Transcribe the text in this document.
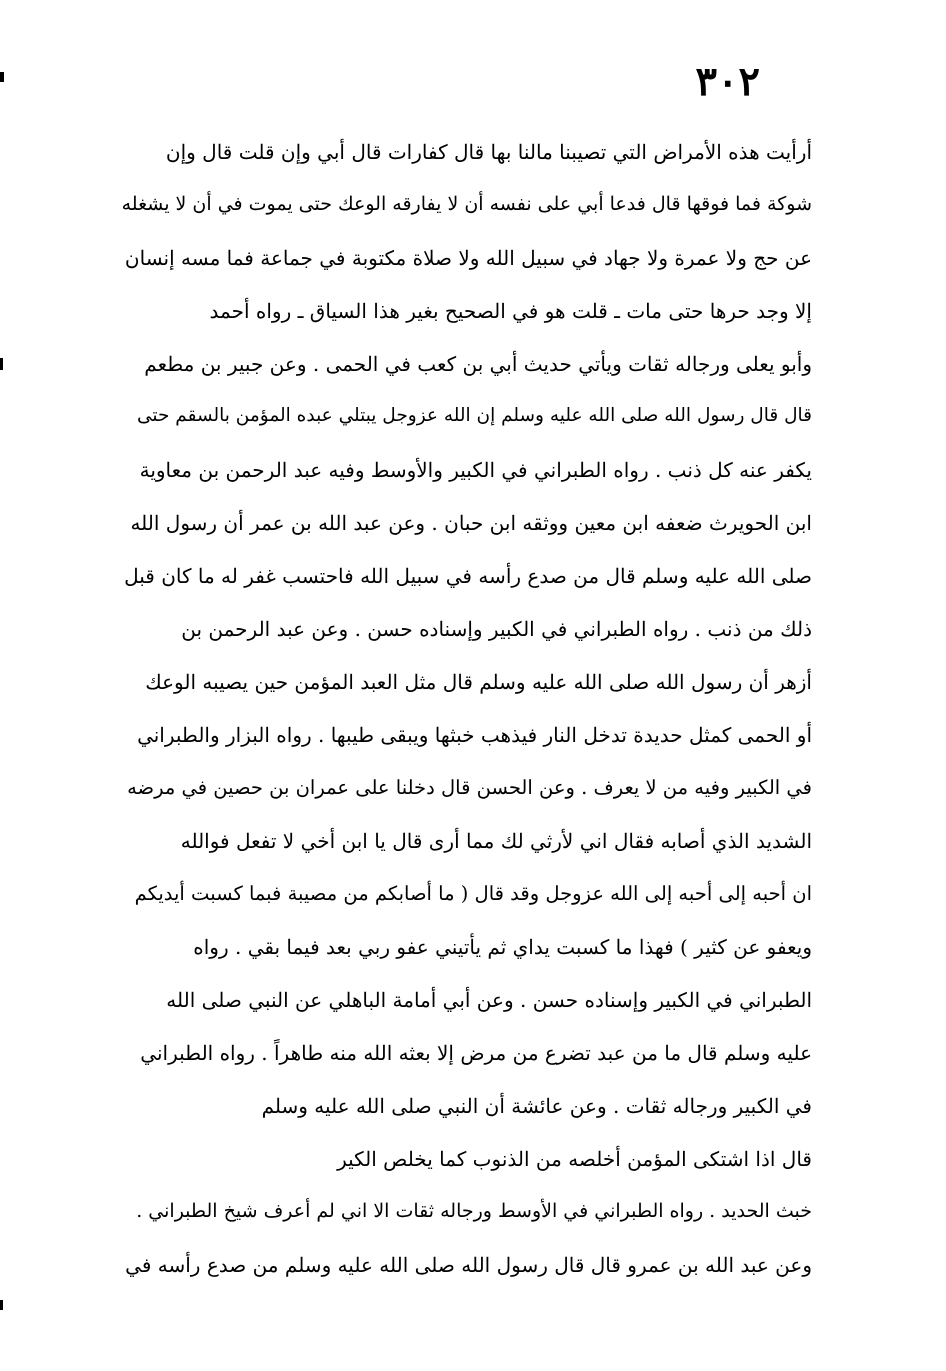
٣٠٢
أرأيت هذه الأمراض التي تصيبنا مالنا بها قال كفارات قال أبي وإن قلت قال وإن
شوكة فما فوقها قال فدعا أبي على نفسه أن لا يفارقه الوعك حتى يموت في أن لا يشغله
عن حج ولا عمرة ولا جهاد في سبيل الله ولا صلاة مكتوبة في جماعة فما مسه إنسان
إلا وجد حرها حتى مات ـ قلت هو في الصحيح بغير هذا السياق ـ رواه أحمد
وأبو يعلى ورجاله ثقات ويأتي حديث أبي بن كعب في الحمى . وعن جبير بن مطعم
قال قال رسول الله صلى الله عليه وسلم إن الله عزوجل يبتلي عبده المؤمن بالسقم حتى
يكفر عنه كل ذنب . رواه الطبراني في الكبير والأوسط وفيه عبد الرحمن بن معاوية
ابن الحويرث ضعفه ابن معين ووثقه ابن حبان . وعن عبد الله بن عمر أن رسول الله
صلى الله عليه وسلم قال من صدع رأسه في سبيل الله فاحتسب غفر له ما كان قبل
ذلك من ذنب . رواه الطبراني في الكبير وإسناده حسن . وعن عبد الرحمن بن
أزهر أن رسول الله صلى الله عليه وسلم قال مثل العبد المؤمن حين يصيبه الوعك
أو الحمى كمثل حديدة تدخل النار فيذهب خبثها ويبقى طيبها . رواه البزار والطبراني
في الكبير وفيه من لا يعرف . وعن الحسن قال دخلنا على عمران بن حصين في مرضه
الشديد الذي أصابه فقال اني لأرثي لك مما أرى قال يا ابن أخي لا تفعل فوالله
ان أحبه إلى أحبه إلى الله عزوجل وقد قال ( ما أصابكم من مصيبة فبما كسبت أيديكم
ويعفو عن كثير ) فهذا ما كسبت يداي ثم يأتيني عفو ربي بعد فيما بقي . رواه
الطبراني في الكبير وإسناده حسن . وعن أبي أمامة الباهلي عن النبي صلى الله
عليه وسلم قال ما من عبد تضرع من مرض إلا بعثه الله منه طاهراً . رواه الطبراني
في الكبير ورجاله ثقات . وعن عائشة أن النبي صلى الله عليه وسلم
قال اذا اشتكى المؤمن أخلصه من الذنوب كما يخلص الكير
خبث الحديد . رواه الطبراني في الأوسط ورجاله ثقات الا اني لم أعرف شيخ الطبراني .
وعن عبد الله بن عمرو قال قال رسول الله صلى الله عليه وسلم من صدع رأسه في
